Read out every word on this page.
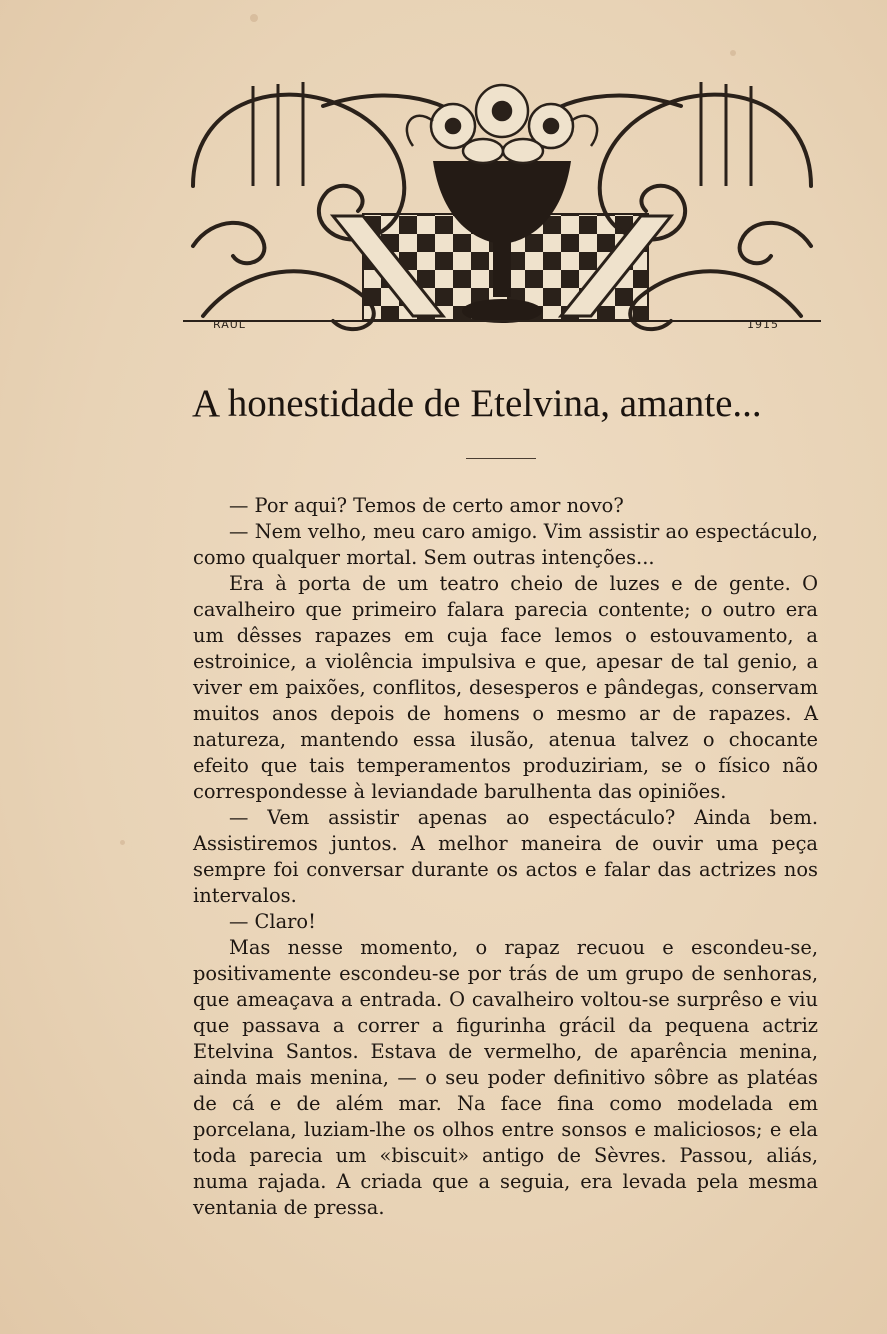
RAUL	1915
A honestidade de Etelvina, amante...

— Por aqui? Temos de certo amor novo?

— Nem velho, meu caro amigo. Vim assistir ao espectáculo, como qualquer mortal. Sem outras intenções...

Era à porta de um teatro cheio de luzes e de gente. O cavalheiro que primeiro falara parecia contente; o outro era um dêsses rapazes em cuja face lemos o estouvamento, a estroinice, a violência impulsiva e que, apesar de tal genio, a viver em paixões, conflitos, desesperos e pândegas, conservam muitos anos depois de homens o mesmo ar de rapazes. A natureza, mantendo essa ilusão, atenua talvez o chocante efeito que tais temperamentos produziriam, se o físico não correspondesse à leviandade barulhenta das opiniões.

— Vem assistir apenas ao espectáculo? Ainda bem. Assistiremos juntos. A melhor maneira de ouvir uma peça sempre foi conversar durante os actos e falar das actrizes nos intervalos.

— Claro!

Mas nesse momento, o rapaz recuou e escondeu-se, positivamente escondeu-se por trás de um grupo de senhoras, que ameaçava a entrada. O cavalheiro voltou-se surprêso e viu que passava a correr a figurinha grácil da pequena actriz Etelvina Santos. Estava de vermelho, de aparência menina, ainda mais menina, — o seu poder definitivo sôbre as platéas de cá e de além mar. Na face fina como modelada em porcelana, luziam-lhe os olhos entre sonsos e maliciosos; e ela toda parecia um «biscuit» antigo de Sèvres. Passou, aliás, numa rajada. A criada que a seguia, era levada pela mesma ventania de pressa.
